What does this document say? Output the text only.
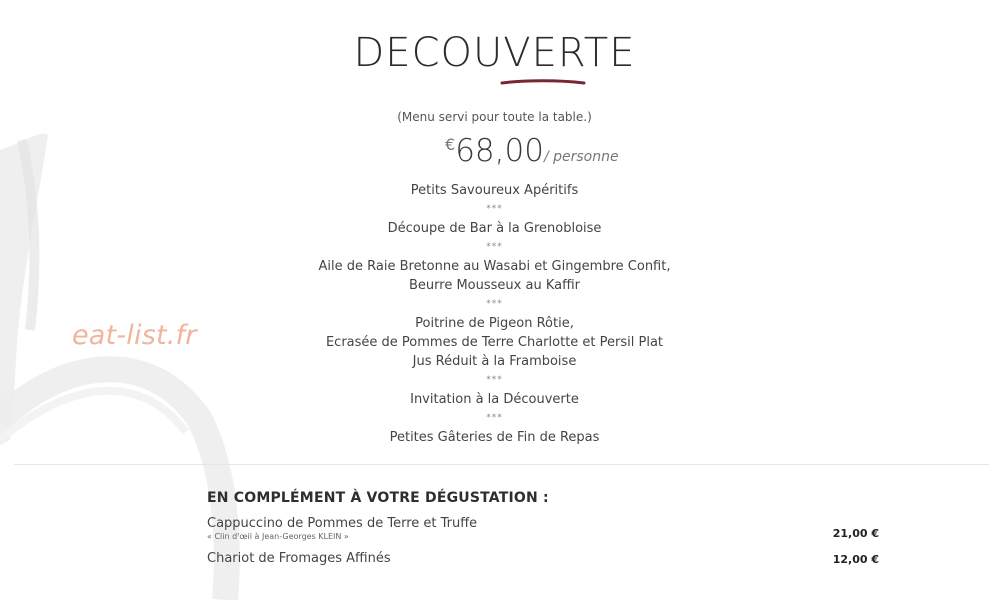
eat-list.fr
DECOUVERTE
(Menu servi pour toute la table.)
€68,00/ personne
Petits Savoureux Apéritifs
***
Découpe de Bar à la Grenobloise
***
Aile de Raie Bretonne au Wasabi et Gingembre Confit,
Beurre Mousseux au Kaffir
***
Poitrine de Pigeon Rôtie,
Ecrasée de Pommes de Terre Charlotte et Persil Plat
Jus Réduit à la Framboise
***
Invitation à la Découverte
***
Petites Gâteries de Fin de Repas
EN COMPLÉMENT À VOTRE DÉGUSTATION :
Cappuccino de Pommes de Terre et Truffe
« Clin d'œil à Jean-Georges KLEIN »	21,00 €
Chariot de Fromages Affinés	12,00 €
